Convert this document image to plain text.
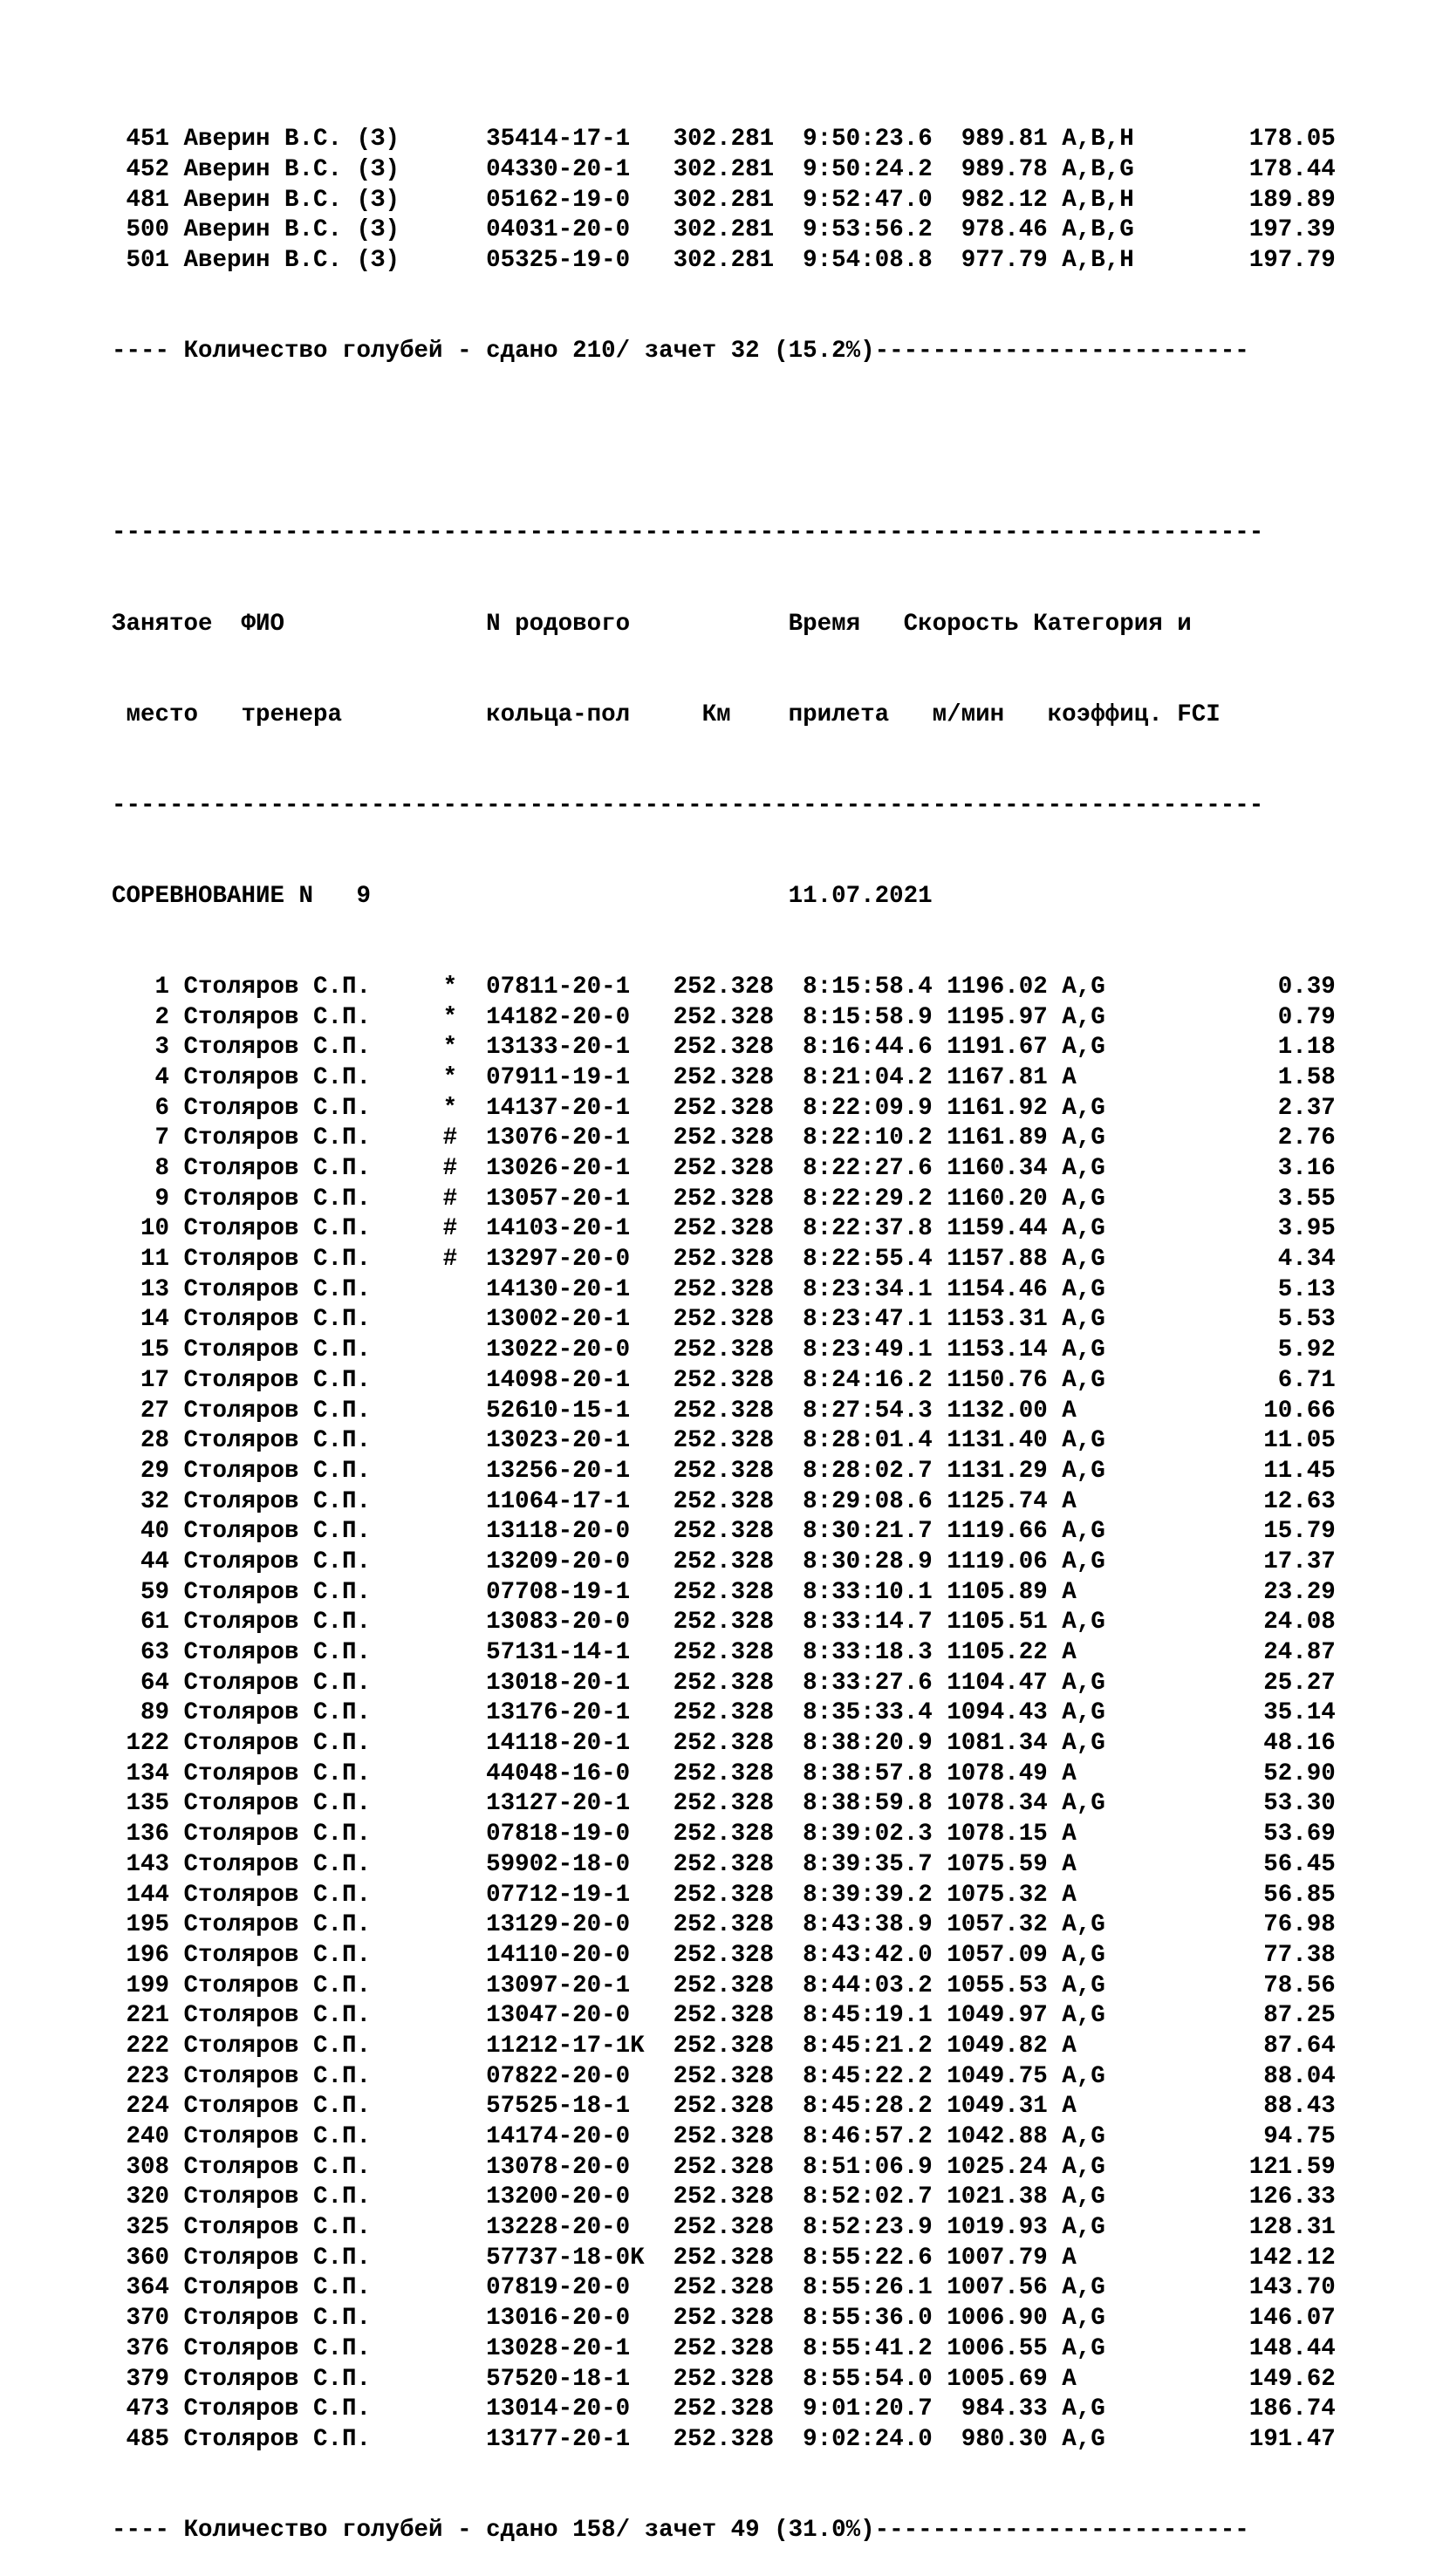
451 Аверин В.С. (З)      35414-17-1   302.281  9:50:23.6  989.81 A,B,H        178.05
452 Аверин В.С. (З)      04330-20-1   302.281  9:50:24.2  989.78 A,B,G        178.44
481 Аверин В.С. (З)      05162-19-0   302.281  9:52:47.0  982.12 A,B,H        189.89
500 Аверин В.С. (З)      04031-20-0   302.281  9:53:56.2  978.46 A,B,G        197.39
501 Аверин В.С. (З)      05325-19-0   302.281  9:54:08.8  977.79 A,B,H        197.79

---- Количество голубей - сдано 210/ зачет 32 (15.2%)--------------------------

--------------------------------------------------------------------------------

Занятое  ФИО              N родового           Время   Скорость Категория и

место   тренера          кольца-пол     Км    прилета   м/мин   коэффиц. FCI

--------------------------------------------------------------------------------

СОРЕВНОВАНИЕ N   9                             11.07.2021

1 Столяров С.П.     *  07811-20-1   252.328  8:15:58.4 1196.02 A,G            0.39
2 Столяров С.П.     *  14182-20-0   252.328  8:15:58.9 1195.97 A,G            0.79
3 Столяров С.П.     *  13133-20-1   252.328  8:16:44.6 1191.67 A,G            1.18
4 Столяров С.П.     *  07911-19-1   252.328  8:21:04.2 1167.81 A              1.58
6 Столяров С.П.     *  14137-20-1   252.328  8:22:09.9 1161.92 A,G            2.37
7 Столяров С.П.     #  13076-20-1   252.328  8:22:10.2 1161.89 A,G            2.76
8 Столяров С.П.     #  13026-20-1   252.328  8:22:27.6 1160.34 A,G            3.16
9 Столяров С.П.     #  13057-20-1   252.328  8:22:29.2 1160.20 A,G            3.55
10 Столяров С.П.     #  14103-20-1   252.328  8:22:37.8 1159.44 A,G            3.95
11 Столяров С.П.     #  13297-20-0   252.328  8:22:55.4 1157.88 A,G            4.34
13 Столяров С.П.        14130-20-1   252.328  8:23:34.1 1154.46 A,G            5.13
14 Столяров С.П.        13002-20-1   252.328  8:23:47.1 1153.31 A,G            5.53
15 Столяров С.П.        13022-20-0   252.328  8:23:49.1 1153.14 A,G            5.92
17 Столяров С.П.        14098-20-1   252.328  8:24:16.2 1150.76 A,G            6.71
27 Столяров С.П.        52610-15-1   252.328  8:27:54.3 1132.00 A             10.66
28 Столяров С.П.        13023-20-1   252.328  8:28:01.4 1131.40 A,G           11.05
29 Столяров С.П.        13256-20-1   252.328  8:28:02.7 1131.29 A,G           11.45
32 Столяров С.П.        11064-17-1   252.328  8:29:08.6 1125.74 A             12.63
40 Столяров С.П.        13118-20-0   252.328  8:30:21.7 1119.66 A,G           15.79
44 Столяров С.П.        13209-20-0   252.328  8:30:28.9 1119.06 A,G           17.37
59 Столяров С.П.        07708-19-1   252.328  8:33:10.1 1105.89 A             23.29
61 Столяров С.П.        13083-20-0   252.328  8:33:14.7 1105.51 A,G           24.08
63 Столяров С.П.        57131-14-1   252.328  8:33:18.3 1105.22 A             24.87
64 Столяров С.П.        13018-20-1   252.328  8:33:27.6 1104.47 A,G           25.27
89 Столяров С.П.        13176-20-1   252.328  8:35:33.4 1094.43 A,G           35.14
122 Столяров С.П.        14118-20-1   252.328  8:38:20.9 1081.34 A,G           48.16
134 Столяров С.П.        44048-16-0   252.328  8:38:57.8 1078.49 A             52.90
135 Столяров С.П.        13127-20-1   252.328  8:38:59.8 1078.34 A,G           53.30
136 Столяров С.П.        07818-19-0   252.328  8:39:02.3 1078.15 A             53.69
143 Столяров С.П.        59902-18-0   252.328  8:39:35.7 1075.59 A             56.45
144 Столяров С.П.        07712-19-1   252.328  8:39:39.2 1075.32 A             56.85
195 Столяров С.П.        13129-20-0   252.328  8:43:38.9 1057.32 A,G           76.98
196 Столяров С.П.        14110-20-0   252.328  8:43:42.0 1057.09 A,G           77.38
199 Столяров С.П.        13097-20-1   252.328  8:44:03.2 1055.53 A,G           78.56
221 Столяров С.П.        13047-20-0   252.328  8:45:19.1 1049.97 A,G           87.25
222 Столяров С.П.        11212-17-1K  252.328  8:45:21.2 1049.82 A             87.64
223 Столяров С.П.        07822-20-0   252.328  8:45:22.2 1049.75 A,G           88.04
224 Столяров С.П.        57525-18-1   252.328  8:45:28.2 1049.31 A             88.43
240 Столяров С.П.        14174-20-0   252.328  8:46:57.2 1042.88 A,G           94.75
308 Столяров С.П.        13078-20-0   252.328  8:51:06.9 1025.24 A,G          121.59
320 Столяров С.П.        13200-20-0   252.328  8:52:02.7 1021.38 A,G          126.33
325 Столяров С.П.        13228-20-0   252.328  8:52:23.9 1019.93 A,G          128.31
360 Столяров С.П.        57737-18-0K  252.328  8:55:22.6 1007.79 A            142.12
364 Столяров С.П.        07819-20-0   252.328  8:55:26.1 1007.56 A,G          143.70
370 Столяров С.П.        13016-20-0   252.328  8:55:36.0 1006.90 A,G          146.07
376 Столяров С.П.        13028-20-1   252.328  8:55:41.2 1006.55 A,G          148.44
379 Столяров С.П.        57520-18-1   252.328  8:55:54.0 1005.69 A            149.62
473 Столяров С.П.        13014-20-0   252.328  9:01:20.7  984.33 A,G          186.74
485 Столяров С.П.        13177-20-1   252.328  9:02:24.0  980.30 A,G          191.47

---- Количество голубей - сдано 158/ зачет 49 (31.0%)--------------------------
